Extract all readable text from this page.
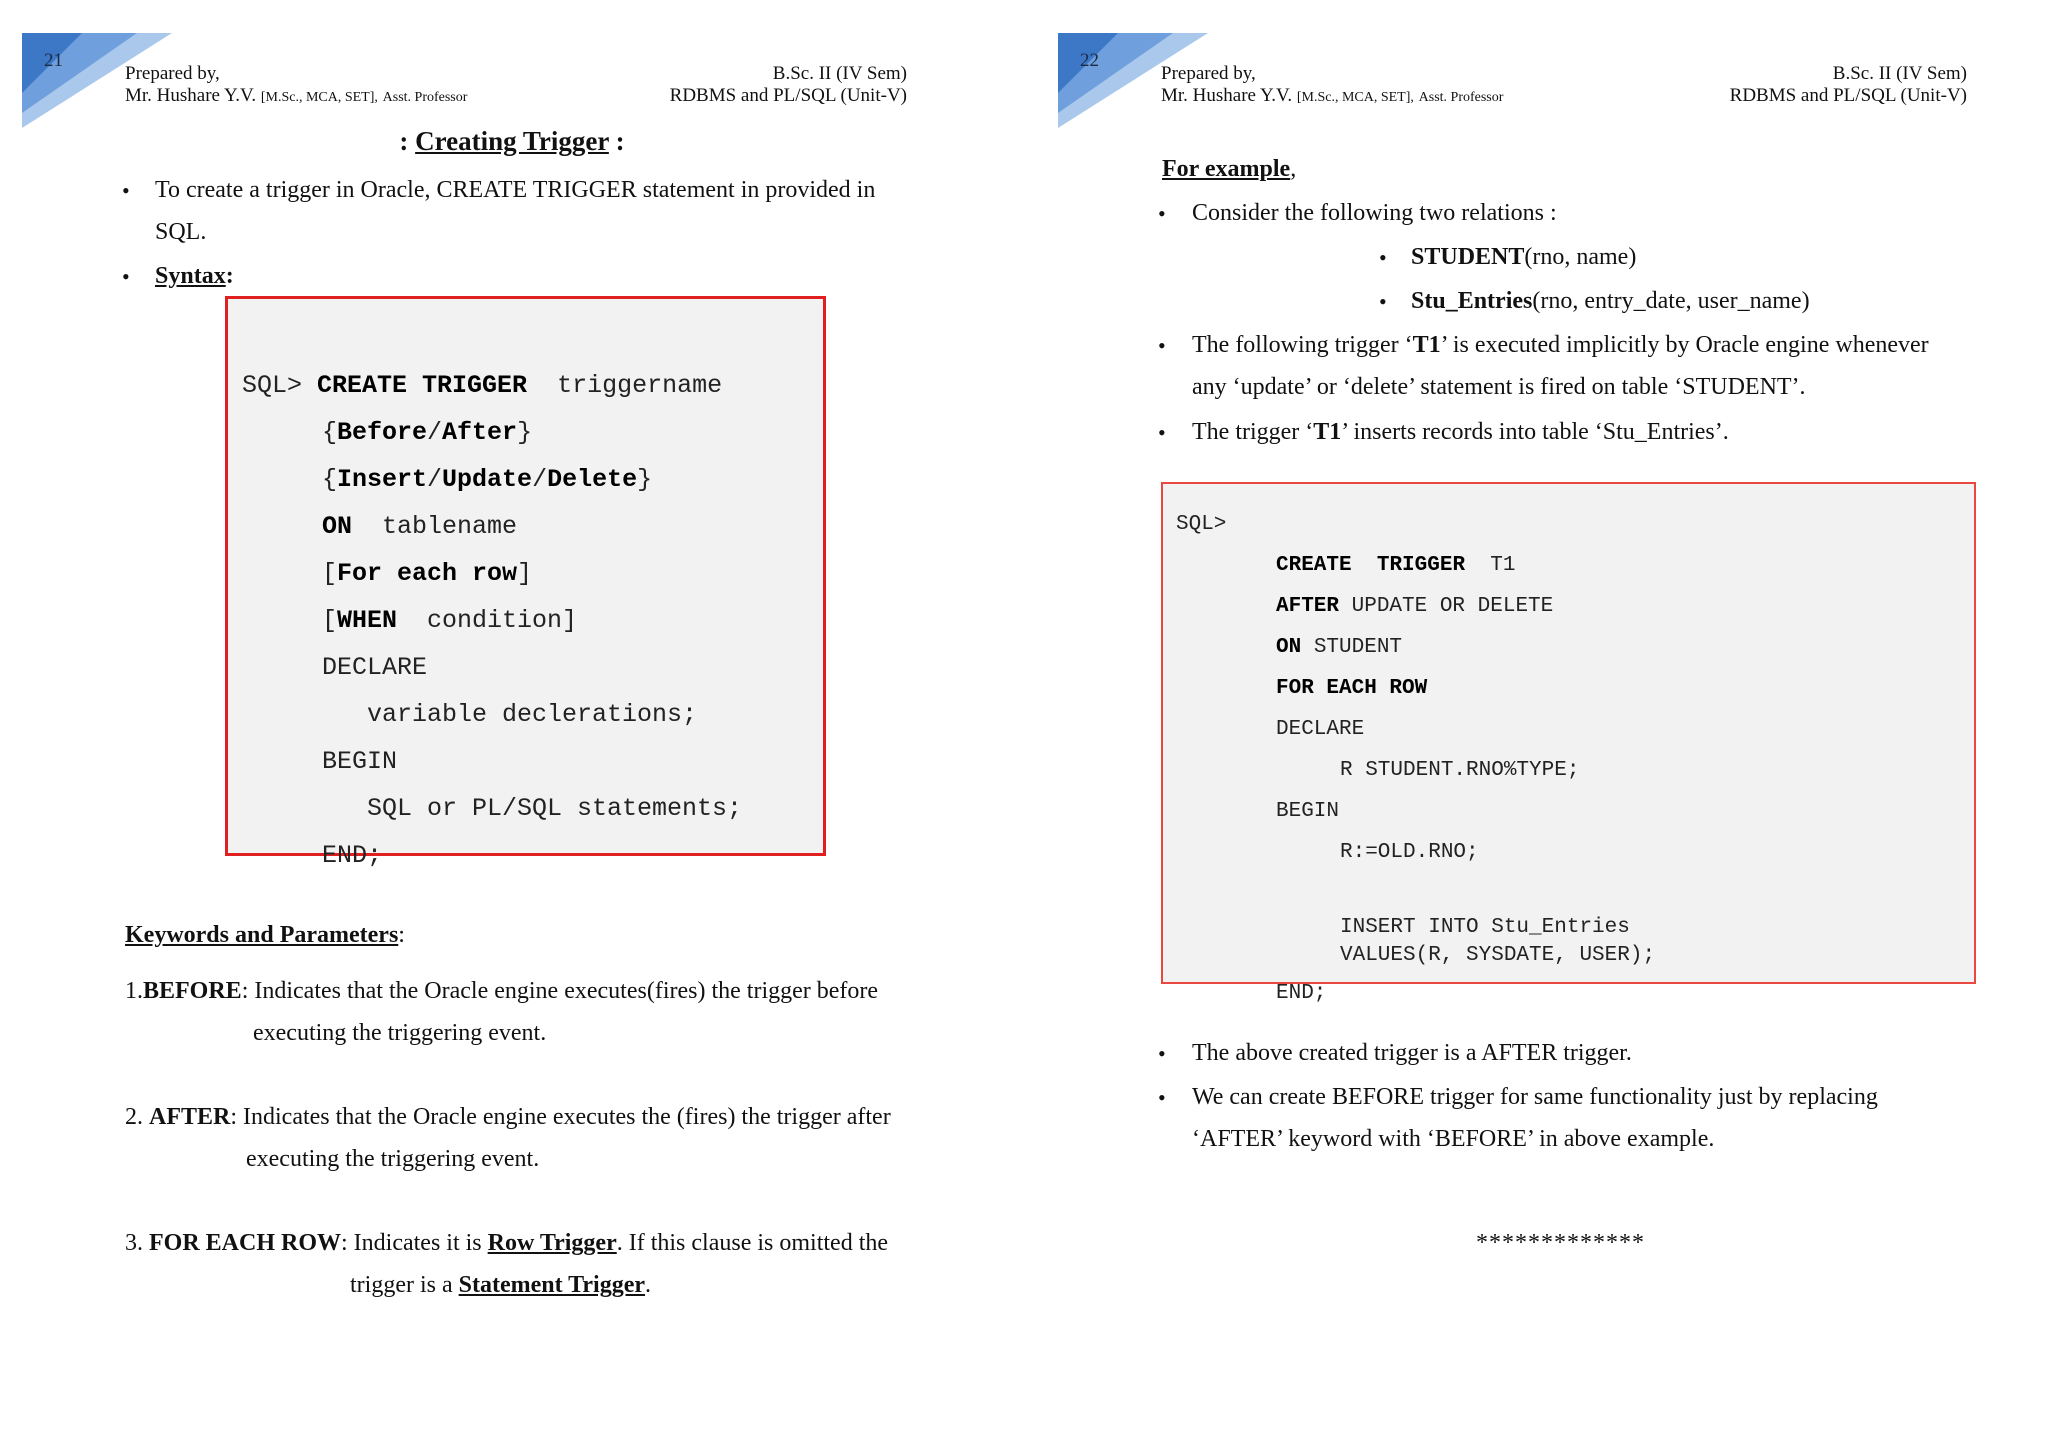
21
Prepared by,
Mr. Hushare Y.V. [M.Sc., MCA, SET], Asst. Professor
B.Sc. II (IV Sem)
RDBMS and PL/SQL (Unit-V)
: Creating Trigger :
• To create a trigger in Oracle, CREATE TRIGGER statement in provided in
SQL.
• Syntax:

SQL> CREATE TRIGGER  triggername
{Before/After}
{Insert/Update/Delete}
ON  tablename
[For each row]
[WHEN  condition]
DECLARE
variable declerations;
BEGIN
SQL or PL/SQL statements;
END;

Keywords and Parameters:
1.BEFORE: Indicates that the Oracle engine executes(fires) the trigger before
executing the triggering event.
2. AFTER: Indicates that the Oracle engine executes the (fires) the trigger after
executing the triggering event.
3. FOR EACH ROW: Indicates it is Row Trigger. If this clause is omitted the
trigger is a Statement Trigger.
22
Prepared by,
Mr. Hushare Y.V. [M.Sc., MCA, SET], Asst. Professor
B.Sc. II (IV Sem)
RDBMS and PL/SQL (Unit-V)
For example,
• Consider the following two relations :
• STUDENT(rno, name)
• Stu_Entries(rno, entry_date, user_name)
• The following trigger ‘T1’ is executed implicitly by Oracle engine whenever
any ‘update’ or ‘delete’ statement is fired on table ‘STUDENT’.
• The trigger ‘T1’ inserts records into table ‘Stu_Entries’.
SQL>

CREATE TRIGGER T1
AFTER UPDATE OR DELETE
ON STUDENT
FOR EACH ROW
DECLARE
R STUDENT.RNO%TYPE;
BEGIN
R:=OLD.RNO;
INSERT INTO Stu_Entries
VALUES(R, SYSDATE, USER);
END;

• The above created trigger is a AFTER trigger.
• We can create BEFORE trigger for same functionality just by replacing
‘AFTER’ keyword with ‘BEFORE’ in above example.
*************
